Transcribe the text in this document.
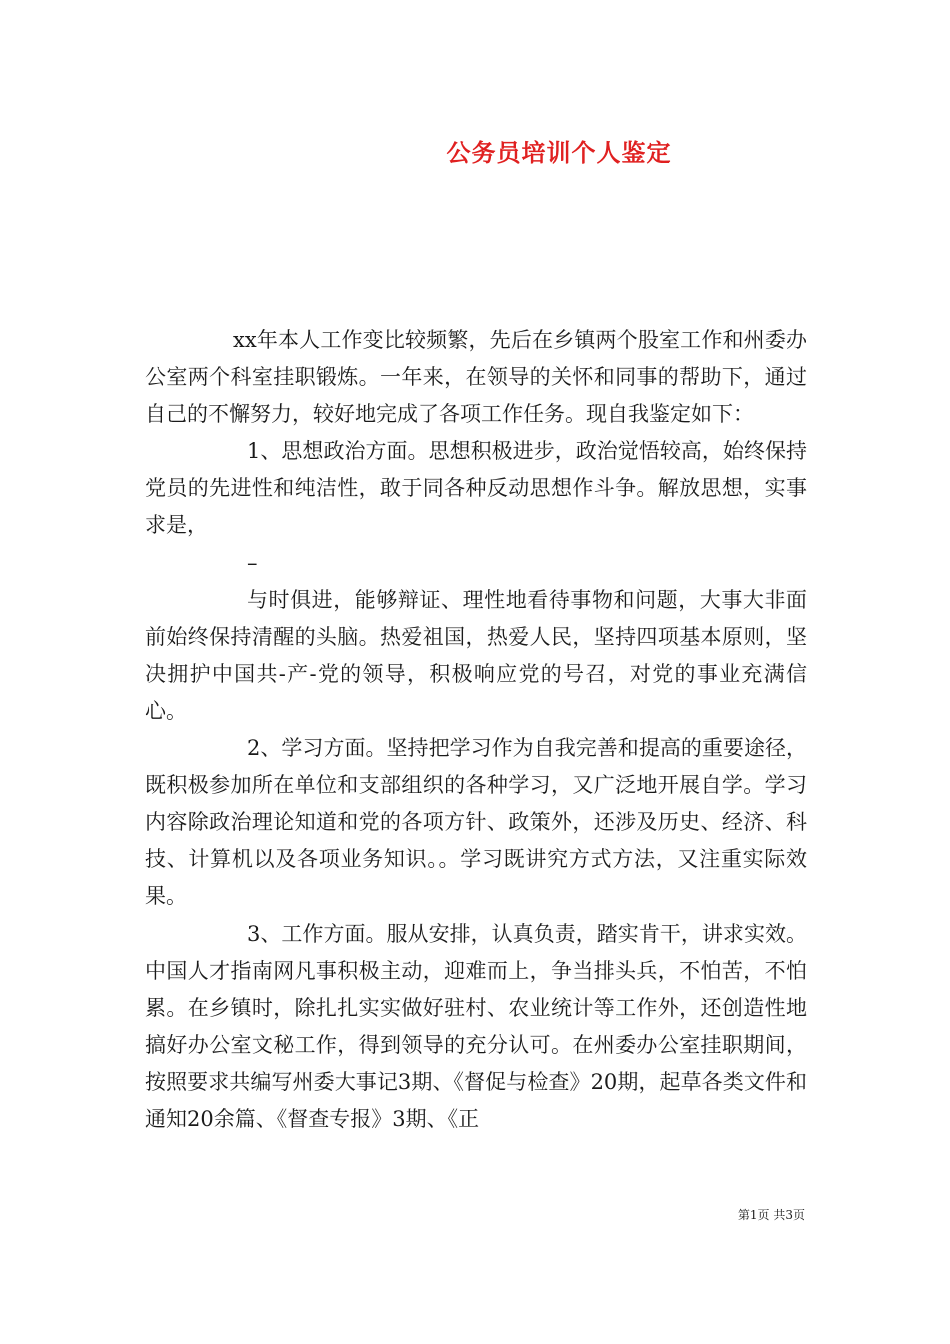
公务员培训个人鉴定

xx年本人工作变比较频繁，先后在乡镇两个股室工作和州委办公室两个科室挂职锻炼。一年来，在领导的关怀和同事的帮助下，通过自己的不懈努力，较好地完成了各项工作任务。现自我鉴定如下：

1、思想政治方面。思想积极进步，政治觉悟较高，始终保持党员的先进性和纯洁性，敢于同各种反动思想作斗争。解放思想，实事求是，

–

与时俱进，能够辩证、理性地看待事物和问题，大事大非面前始终保持清醒的头脑。热爱祖国，热爱人民，坚持四项基本原则，坚决拥护中国共-产-党的领导，积极响应党的号召，对党的事业充满信心。

2、学习方面。坚持把学习作为自我完善和提高的重要途径，既积极参加所在单位和支部组织的各种学习，又广泛地开展自学。学习内容除政治理论知道和党的各项方针、政策外，还涉及历史、经济、科技、计算机以及各项业务知识。。学习既讲究方式方法，又注重实际效果。

3、工作方面。服从安排，认真负责，踏实肯干，讲求实效。中国人才指南网凡事积极主动，迎难而上，争当排头兵，不怕苦，不怕累。在乡镇时，除扎扎实实做好驻村、农业统计等工作外，还创造性地搞好办公室文秘工作，得到领导的充分认可。在州委办公室挂职期间，按照要求共编写州委大事记3期、《督促与检查》20期，起草各类文件和通知20余篇、《督查专报》3期、《正

第1页 共3页
